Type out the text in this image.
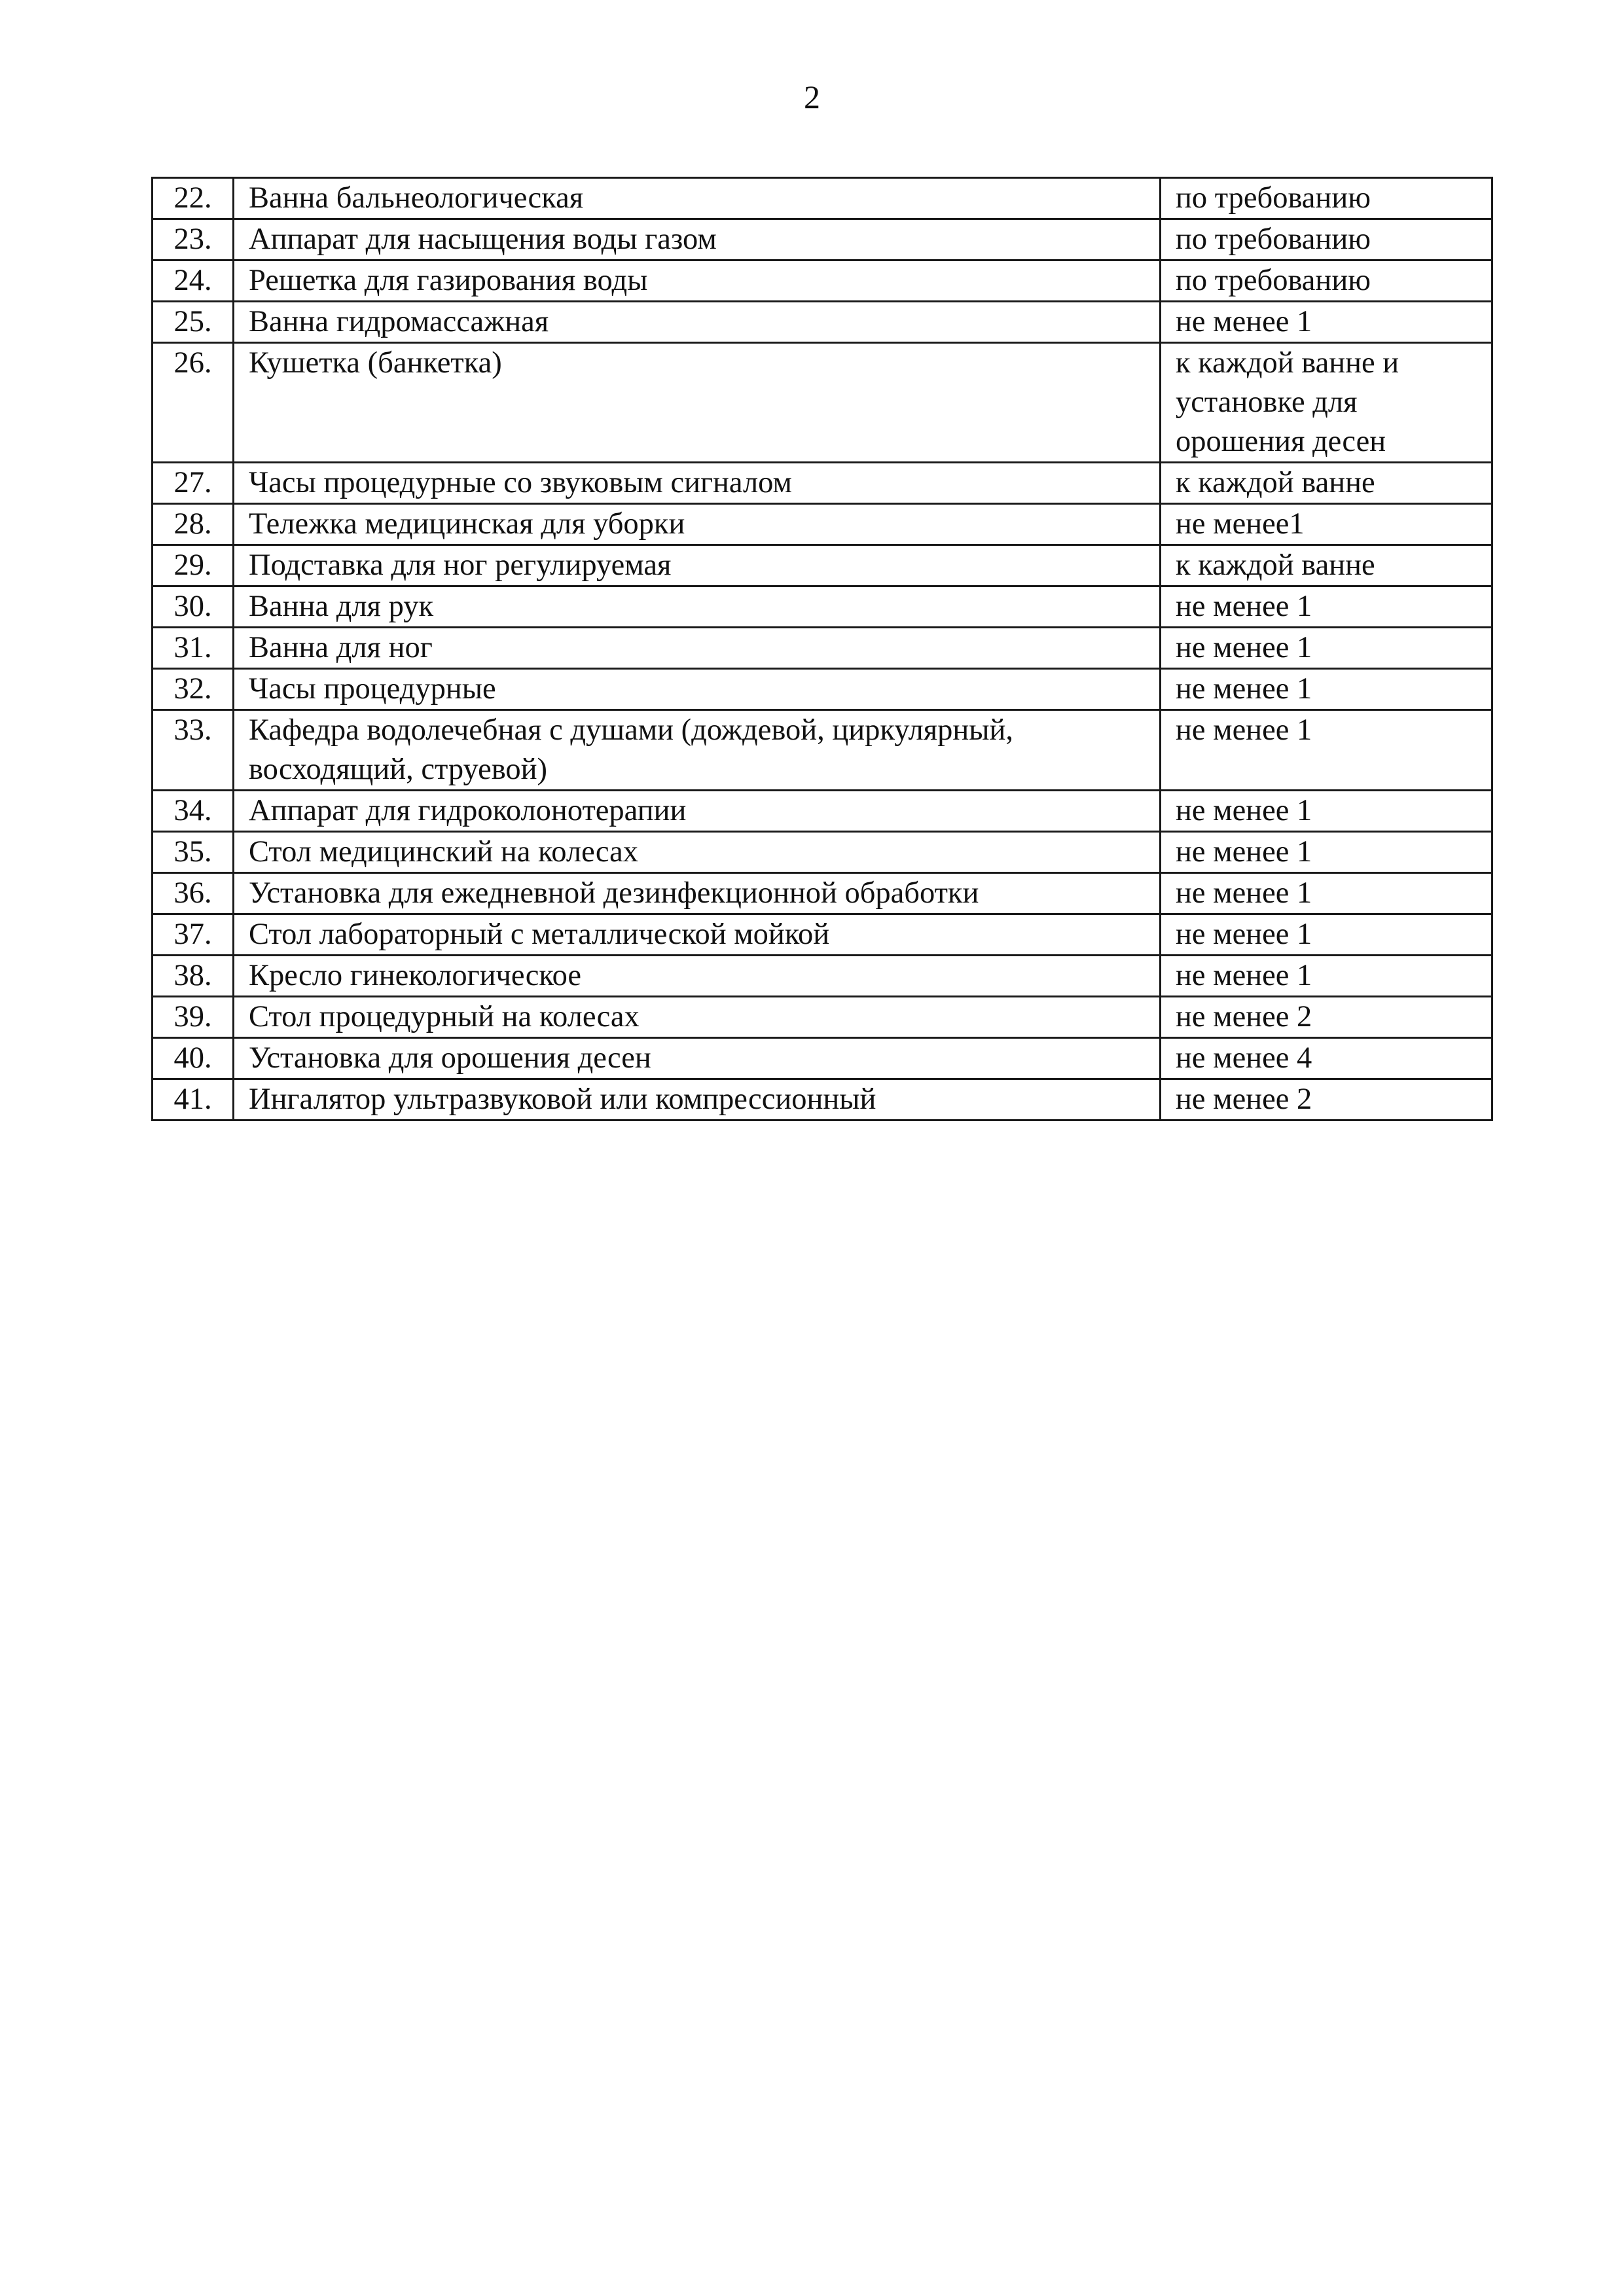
2
22.	Ванна бальнеологическая	по требованию
23.	Аппарат для насыщения воды газом	по требованию
24.	Решетка для газирования воды	по требованию
25.	Ванна гидромассажная	не менее 1
26.	Кушетка (банкетка)	к каждой ванне и установке для орошения десен
27.	Часы процедурные со звуковым сигналом	к каждой ванне
28.	Тележка медицинская для уборки	не менее1
29.	Подставка для ног регулируемая	к каждой ванне
30.	Ванна для рук	не менее 1
31.	Ванна для ног	не менее 1
32.	Часы процедурные	не менее 1
33.	Кафедра водолечебная с душами (дождевой, циркулярный, восходящий, струевой)	не менее 1
34.	Аппарат для гидроколонотерапии	не менее 1
35.	Стол медицинский на колесах	не менее 1
36.	Установка для ежедневной дезинфекционной обработки	не менее 1
37.	Стол лабораторный с металлической мойкой	не менее 1
38.	Кресло гинекологическое	не менее 1
39.	Стол процедурный на колесах	не менее 2
40.	Установка для орошения десен	не менее 4
41.	Ингалятор ультразвуковой или компрессионный	не менее 2
